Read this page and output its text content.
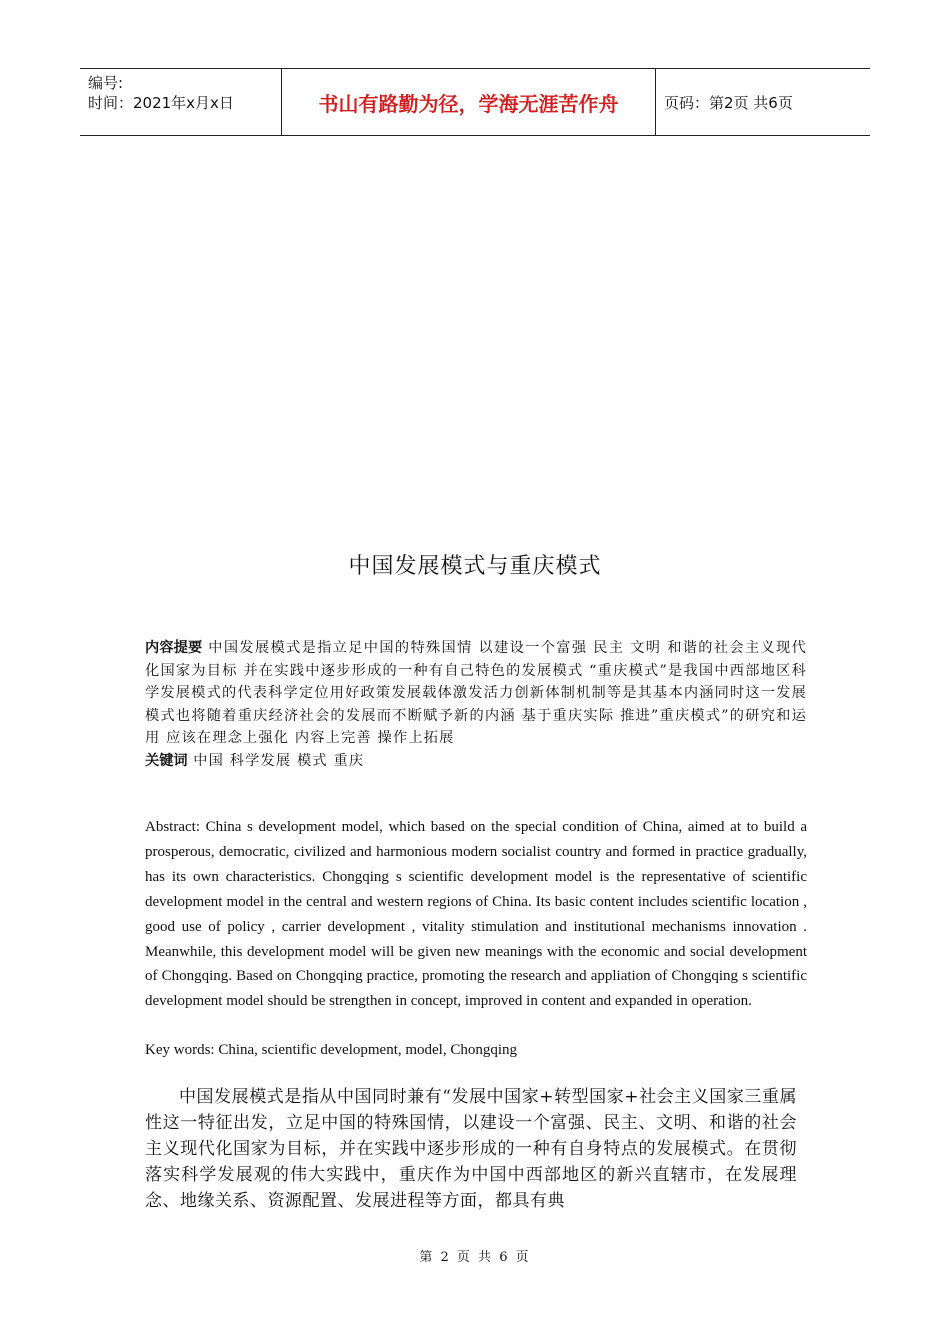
编号:
时间：2021年x月x日	书山有路勤为径，学海无涯苦作舟	页码：第2页 共6页
中国发展模式与重庆模式
内容提要 中国发展模式是指立足中国的特殊国情 以建设一个富强 民主 文明 和谐的社会主义现代化国家为目标 并在实践中逐步形成的一种有自己特色的发展模式 “重庆模式”是我国中西部地区科学发展模式的代表科学定位用好政策发展载体激发活力创新体制机制等是其基本内涵同时这一发展模式也将随着重庆经济社会的发展而不断赋予新的内涵 基于重庆实际 推进”重庆模式”的研究和运用 应该在理念上强化 内容上完善 操作上拓展
关键词 中国 科学发展 模式 重庆
Abstract: China s development model, which based on the special condition of China, aimed at to build a prosperous, democratic, civilized and harmonious modern socialist country and formed in practice gradually, has its own characteristics. Chongqing s scientific development model is the representative of scientific development model in the central and western regions of China. Its basic content includes scientific location , good use of policy , carrier development , vitality stimulation and institutional mechanisms innovation . Meanwhile, this development model will be given new meanings with the economic and social development of Chongqing. Based on Chongqing practice, promoting the research and appliation of Chongqing s scientific development model should be strengthen in concept, improved in content and expanded in operation.
Key words: China, scientific development, model, Chongqing
中国发展模式是指从中国同时兼有“发展中国家+转型国家+社会主义国家三重属性这一特征出发，立足中国的特殊国情，以建设一个富强、民主、文明、和谐的社会主义现代化国家为目标，并在实践中逐步形成的一种有自身特点的发展模式。在贯彻落实科学发展观的伟大实践中，重庆作为中国中西部地区的新兴直辖市，在发展理念、地缘关系、资源配置、发展进程等方面，都具有典
第 2 页 共 6 页
